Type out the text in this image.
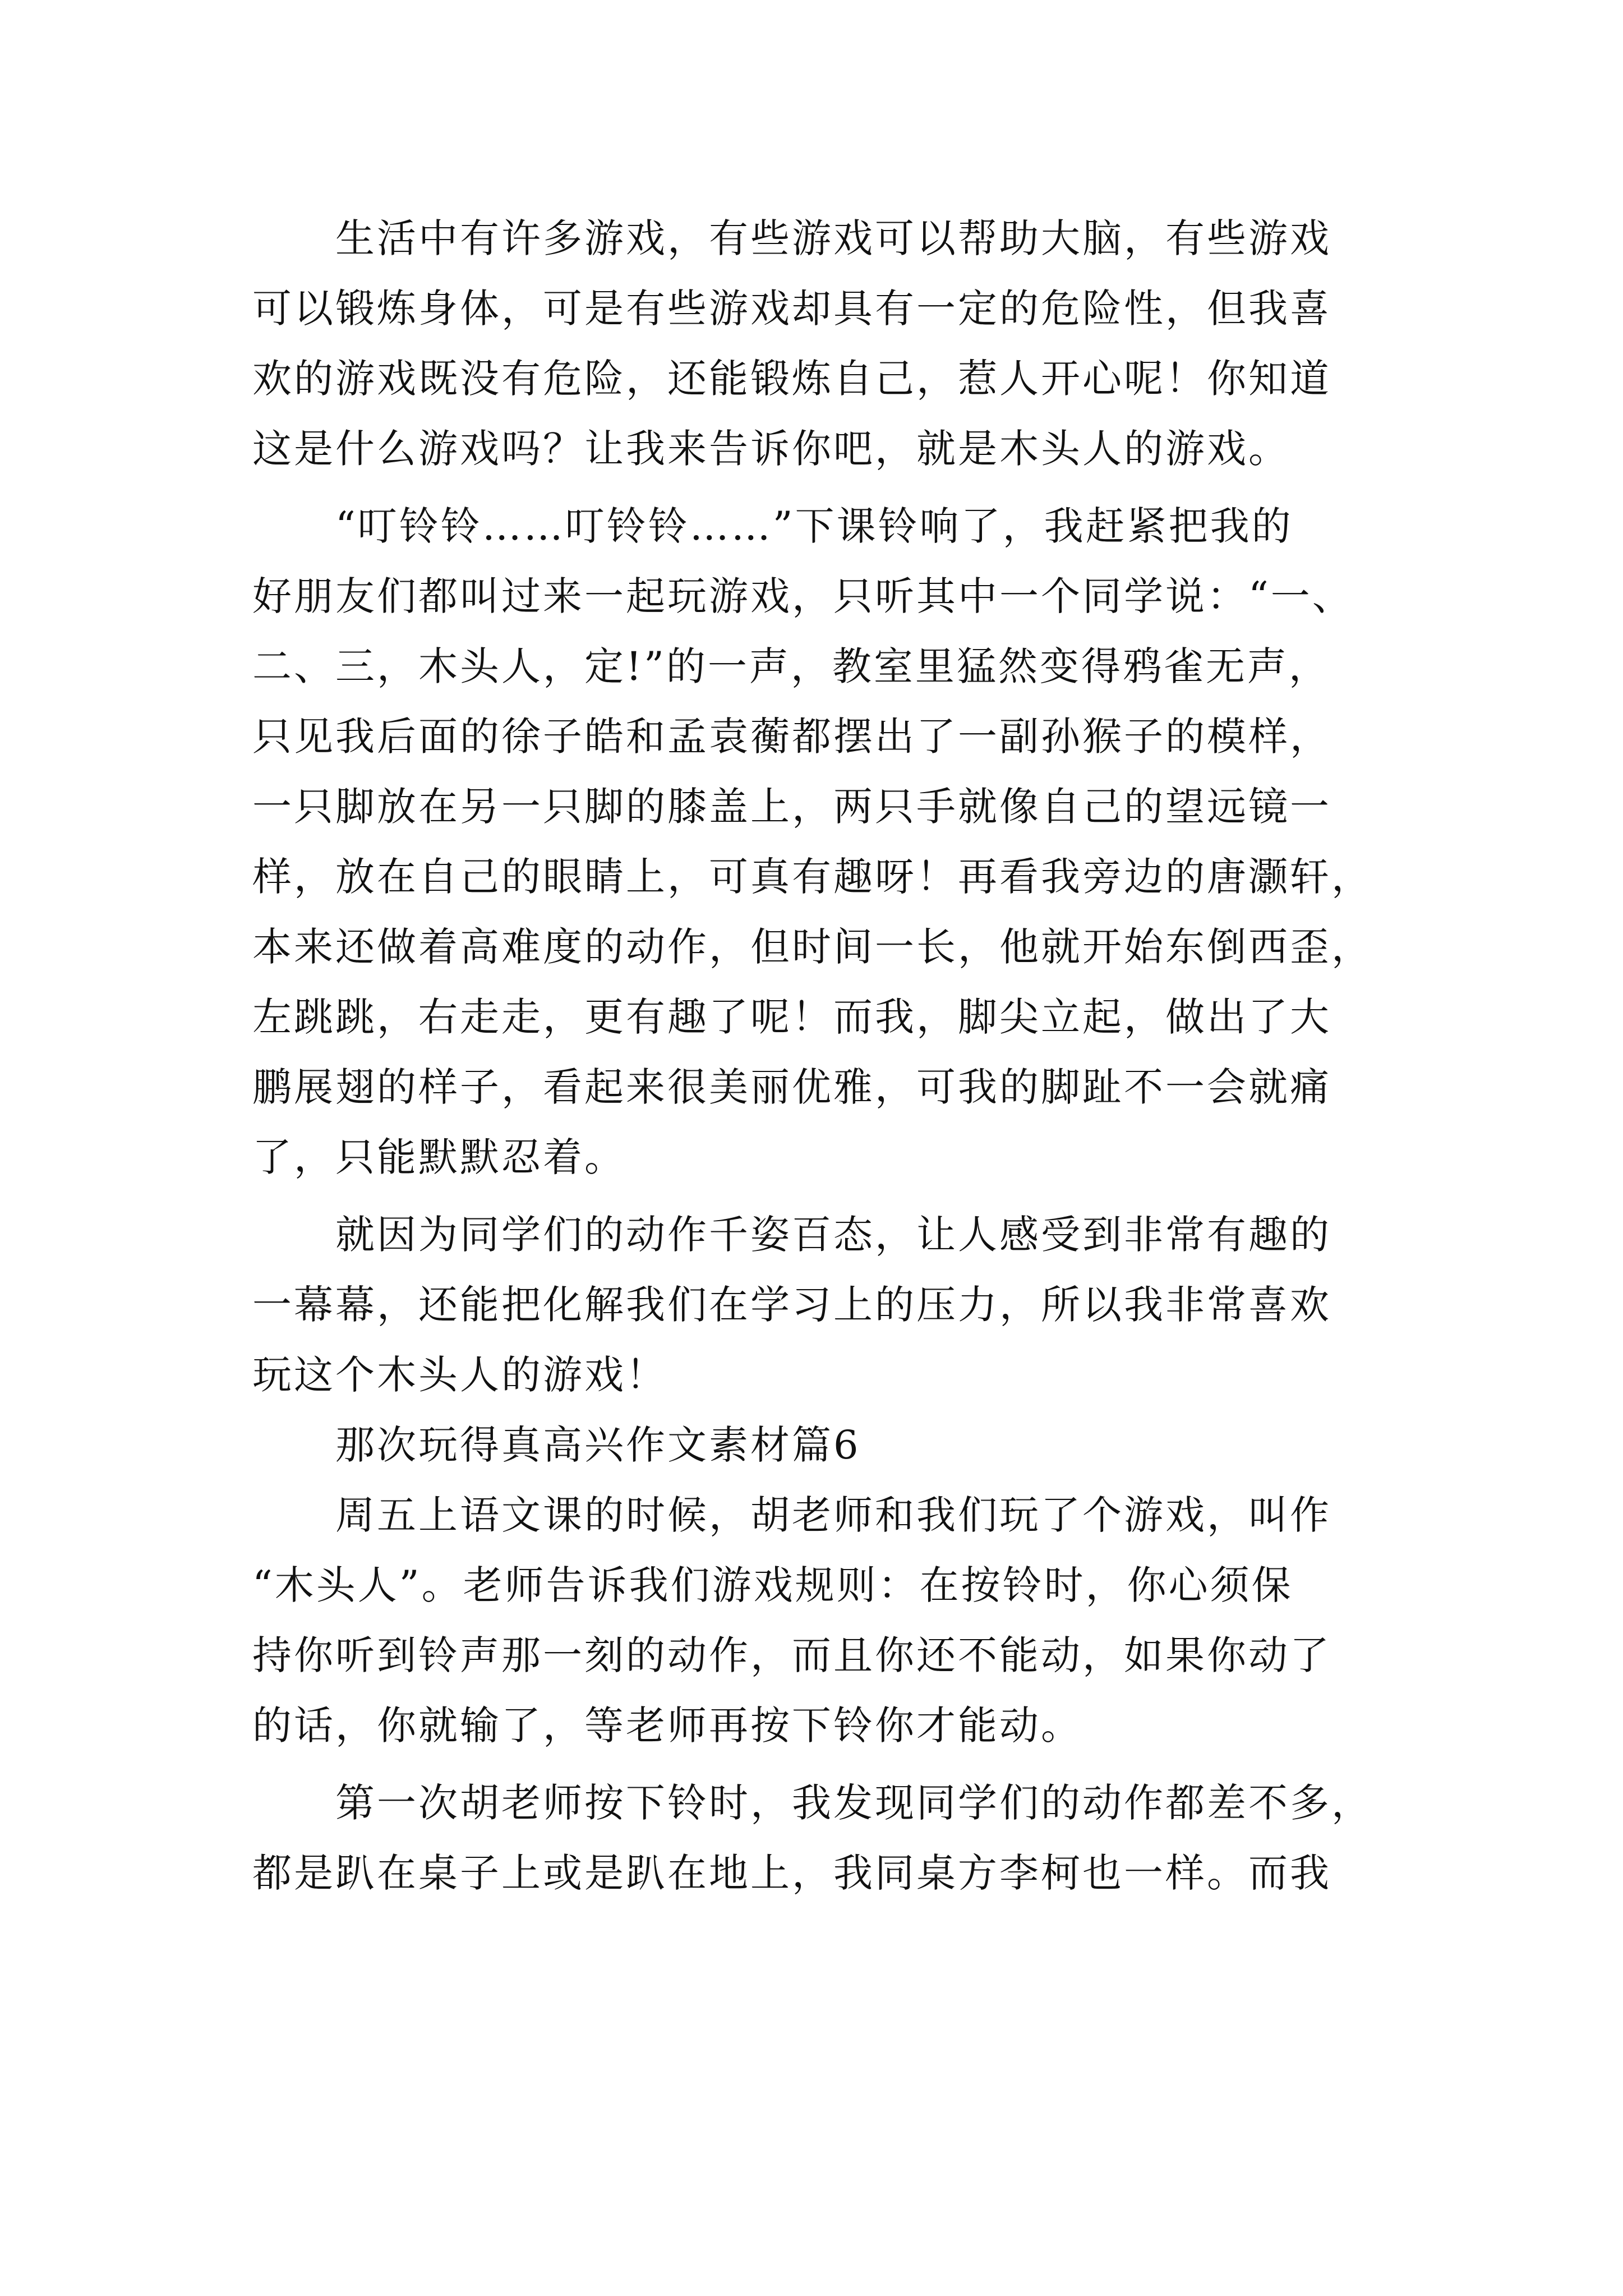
　　生活中有许多游戏，有些游戏可以帮助大脑，有些游戏
可以锻炼身体，可是有些游戏却具有一定的危险性，但我喜
欢的游戏既没有危险，还能锻炼自己，惹人开心呢！你知道
这是什么游戏吗？让我来告诉你吧，就是木头人的游戏。
　　“叮铃铃……叮铃铃……”下课铃响了，我赶紧把我的
好朋友们都叫过来一起玩游戏，只听其中一个同学说：“一、
二、三，木头人，定!”的一声，教室里猛然变得鸦雀无声，
只见我后面的徐子皓和孟袁蘅都摆出了一副孙猴子的模样，
一只脚放在另一只脚的膝盖上，两只手就像自己的望远镜一
样，放在自己的眼睛上，可真有趣呀！再看我旁边的唐灏轩，
本来还做着高难度的动作，但时间一长，他就开始东倒西歪，
左跳跳，右走走，更有趣了呢！而我，脚尖立起，做出了大
鹏展翅的样子，看起来很美丽优雅，可我的脚趾不一会就痛
了，只能默默忍着。
　　就因为同学们的动作千姿百态，让人感受到非常有趣的
一幕幕，还能把化解我们在学习上的压力，所以我非常喜欢
玩这个木头人的游戏！
　　那次玩得真高兴作文素材篇6
　　周五上语文课的时候，胡老师和我们玩了个游戏，叫作
“木头人”。老师告诉我们游戏规则：在按铃时，你心须保
持你听到铃声那一刻的动作，而且你还不能动，如果你动了
的话，你就输了，等老师再按下铃你才能动。
　　第一次胡老师按下铃时，我发现同学们的动作都差不多，
都是趴在桌子上或是趴在地上，我同桌方李柯也一样。而我
